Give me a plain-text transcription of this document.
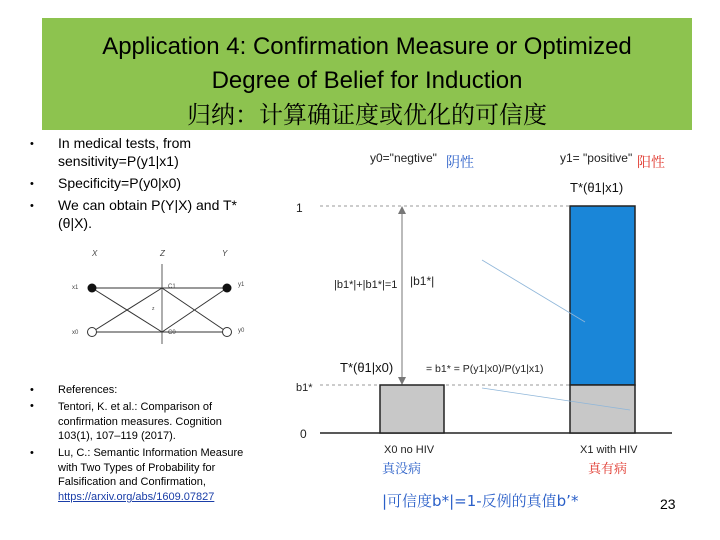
Application 4: Confirmation Measure or Optimized
Degree of Belief for Induction
归纳：计算确证度或优化的可信度
• In medical tests, from sensitivity=P(y1|x1)
• Specificity=P(y0|x0)
• We can obtain P(Y|X) and T*(θ|X).
X	Z	Y
x1
x0
C1
C0
y1
y0
z
• References:
• Tentori, K. et al.: Comparison of confirmation measures. Cognition 103(1), 107–119 (2017).
• Lu, C.: Semantic Information Measure with Two Types of Probability for Falsification and Confirmation, https://arxiv.org/abs/1609.07827
y0="negtive" 阴性	y1= "positive" 阳性
T*(θ1|x1)
1
b1*
0
|b1*|+|b1*|=1 |b1*|
T*(θ1|x0)	= b1* = P(y1|x0)/P(y1|x1)
X0 no HIV
真没病
X1 with HIV
真有病
|可信度b*|=1-反例的真值b’*	23
